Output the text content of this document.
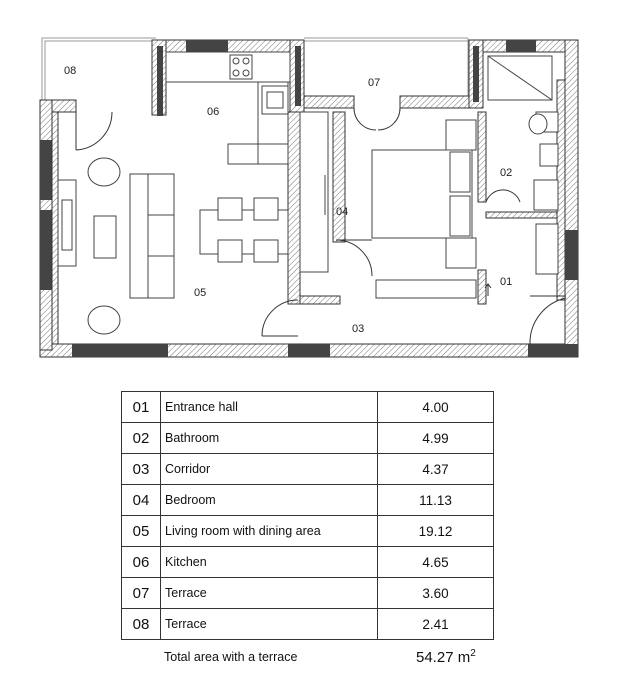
08
06
07
02
04
01
05
03
01	Entrance hall	4.00
02	Bathroom	4.99
03	Corridor	4.37
04	Bedroom	11.13
05	Living room with dining area	19.12
06	Kitchen	4.65
07	Terrace	3.60
08	Terrace	2.41
Total area with a terrace	54.27 $m^2$
